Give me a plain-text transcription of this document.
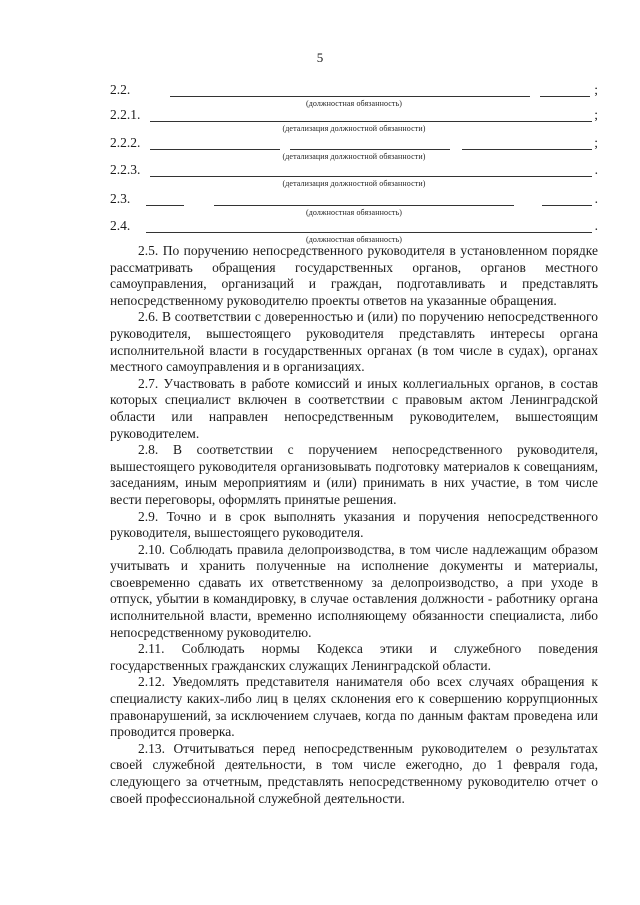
5
2.2.	;
(должностная обязанность)
2.2.1.	;
(детализация должностной обязанности)
2.2.2.	;
(детализация должностной обязанности)
2.2.3.	.
(детализация должностной обязанности)
2.3.	.
(должностная обязанность)
2.4.	.
(должностная обязанность)

2.5. По поручению непосредственного руководителя в установленном порядке рассматривать обращения государственных органов, органов местного самоуправления, организаций и граждан, подготавливать и представлять непосредственному руководителю проекты ответов на указанные обращения.

2.6. В соответствии с доверенностью и (или) по поручению непосредственного руководителя, вышестоящего руководителя представлять интересы органа исполнительной власти в государственных органах (в том числе в судах), органах местного самоуправления и в организациях.

2.7. Участвовать в работе комиссий и иных коллегиальных органов, в состав которых специалист включен в соответствии с правовым актом Ленинградской области или направлен непосредственным руководителем, вышестоящим руководителем.

2.8. В соответствии с поручением непосредственного руководителя, вышестоящего руководителя организовывать подготовку материалов к совещаниям, заседаниям, иным мероприятиям и (или) принимать в них участие, в том числе вести переговоры, оформлять принятые решения.

2.9. Точно и в срок выполнять указания и поручения непосредственного руководителя, вышестоящего руководителя.

2.10. Соблюдать правила делопроизводства, в том числе надлежащим образом учитывать и хранить полученные на исполнение документы и материалы, своевременно сдавать их ответственному за делопроизводство, а при уходе в отпуск, убытии в командировку, в случае оставления должности - работнику органа исполнительной власти, временно исполняющему обязанности специалиста, либо непосредственному руководителю.

2.11. Соблюдать нормы Кодекса этики и служебного поведения государственных гражданских служащих Ленинградской области.

2.12. Уведомлять представителя нанимателя обо всех случаях обращения к специалисту каких-либо лиц в целях склонения его к совершению коррупционных правонарушений, за исключением случаев, когда по данным фактам проведена или проводится проверка.

2.13. Отчитываться перед непосредственным руководителем о результатах своей служебной деятельности, в том числе ежегодно, до 1 февраля года, следующего за отчетным, представлять непосредственному руководителю отчет о своей профессиональной служебной деятельности.
